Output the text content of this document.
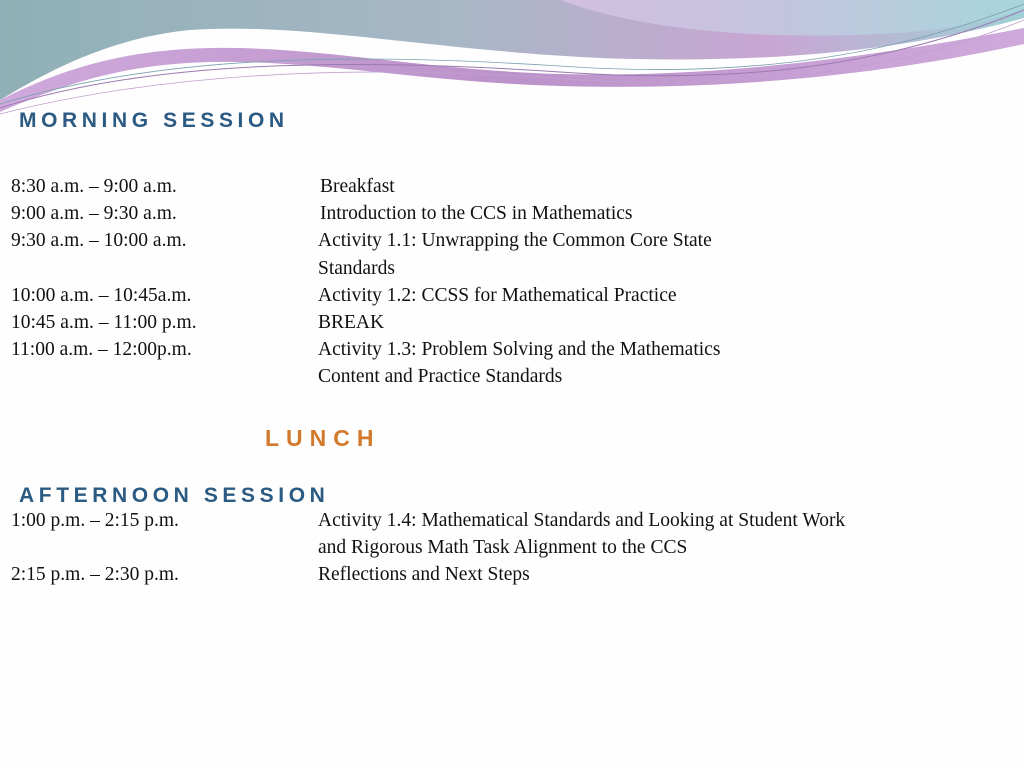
MORNING SESSION
8:30 a.m. – 9:00 a.m.	Breakfast
9:00 a.m. – 9:30 a.m.	Introduction to the CCS in Mathematics
9:30 a.m. – 10:00 a.m.	Activity 1.1: Unwrapping the Common Core State
Standards
10:00 a.m. – 10:45a.m.	Activity 1.2: CCSS for Mathematical Practice
10:45 a.m. – 11:00 p.m.	BREAK
11:00 a.m. – 12:00p.m.	Activity 1.3: Problem Solving and the Mathematics
Content and Practice Standards
LUNCH
AFTERNOON SESSION
1:00 p.m. – 2:15 p.m.	Activity 1.4: Mathematical Standards and Looking at Student Work
and Rigorous Math Task Alignment to the CCS
2:15 p.m. – 2:30 p.m.	Reflections and Next Steps
